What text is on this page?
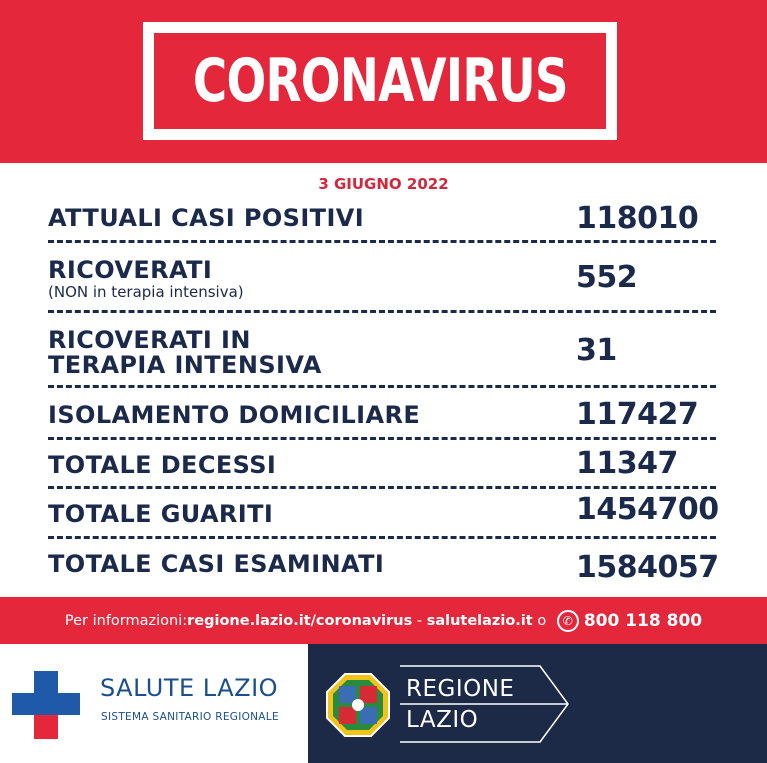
CORONAVIRUS
3 GIUGNO 2022
ATTUALI CASI POSITIVI	118010
RICOVERATI
(NON in terapia intensiva)	552
RICOVERATI IN
TERAPIA INTENSIVA	31
ISOLAMENTO DOMICILIARE	117427
TOTALE DECESSI	11347
TOTALE GUARITI	1454700
TOTALE CASI ESAMINATI	1584057
Per informazioni: regione.lazio.it/coronavirus - salutelazio.it o ✆ 800 118 800
SALUTE LAZIO
SISTEMA SANITARIO REGIONALE
REGIONE
LAZIO
